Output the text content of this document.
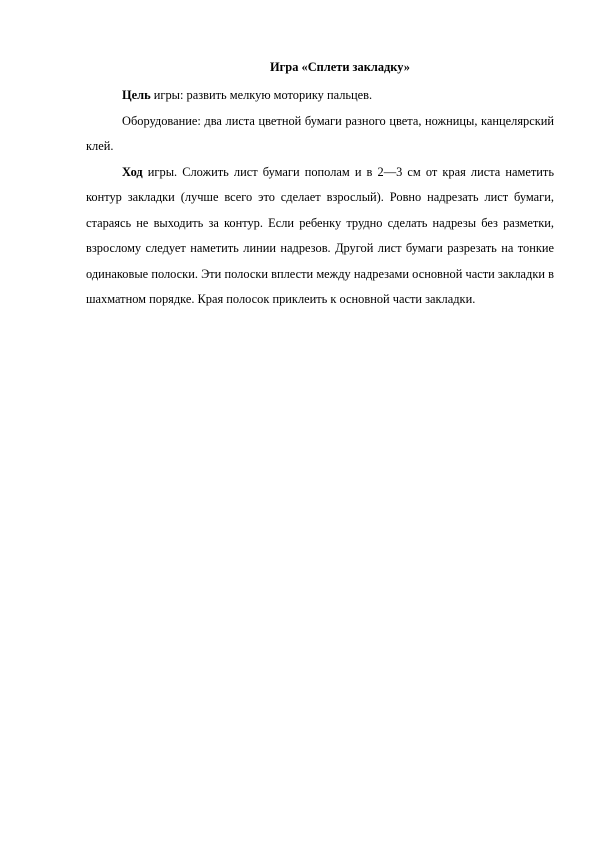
Игра «Сплети закладку»

Цель игры: развить мелкую моторику пальцев.

Оборудование: два листа цветной бумаги разного цвета, ножницы, канцелярский клей.

Ход игры. Сложить лист бумаги пополам и в 2—3 см от края листа наметить контур закладки (лучше всего это сделает взрослый). Ровно надрезать лист бумаги, стараясь не выходить за контур. Если ребенку трудно сделать надрезы без разметки, взрослому следует наметить линии надрезов. Другой лист бумаги разрезать на тонкие одинаковые полоски. Эти полоски вплести между надрезами основной части закладки в шахматном порядке. Края полосок приклеить к основной части закладки.
